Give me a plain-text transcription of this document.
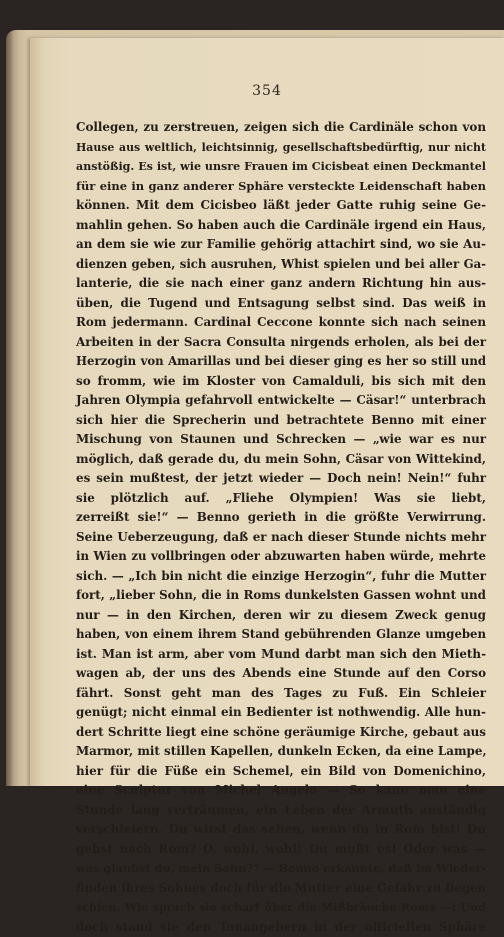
354
Collegen, zu zerstreuen, zeigen sich die Cardinäle schon von
Hause aus weltlich, leichtsinnig, gesellschaftsbedürftig, nur nicht
anstößig. Es ist, wie unsre Frauen im Cicisbeat einen Deckmantel
für eine in ganz anderer Sphäre versteckte Leidenschaft haben
können. Mit dem Cicisbeo läßt jeder Gatte ruhig seine Ge-
mahlin gehen. So haben auch die Cardinäle irgend ein Haus,
an dem sie wie zur Familie gehörig attachirt sind, wo sie Au-
dienzen geben, sich ausruhen, Whist spielen und bei aller Ga-
lanterie, die sie nach einer ganz andern Richtung hin aus-
üben, die Tugend und Entsagung selbst sind. Das weiß in
Rom jedermann. Cardinal Ceccone konnte sich nach seinen
Arbeiten in der Sacra Consulta nirgends erholen, als bei der
Herzogin von Amarillas und bei dieser ging es her so still und
so fromm, wie im Kloster von Camalduli, bis sich mit den
Jahren Olympia gefahrvoll entwickelte — Cäsar!“ unterbrach
sich hier die Sprecherin und betrachtete Benno mit einer
Mischung von Staunen und Schrecken — „wie war es nur
möglich, daß gerade du, du mein Sohn, Cäsar von Wittekind,
es sein mußtest, der jetzt wieder — Doch nein! Nein!“ fuhr
sie plötzlich auf. „Fliehe Olympien! Was sie liebt,
zerreißt sie!“ — Benno gerieth in die größte Verwirrung.
Seine Ueberzeugung, daß er nach dieser Stunde nichts mehr
in Wien zu vollbringen oder abzuwarten haben würde, mehrte
sich. — „Ich bin nicht die einzige Herzogin“, fuhr die Mutter
fort, „lieber Sohn, die in Roms dunkelsten Gassen wohnt und
nur — in den Kirchen, deren wir zu diesem Zweck genug
haben, von einem ihrem Stand gebührenden Glanze umgeben
ist. Man ist arm, aber vom Mund darbt man sich den Mieth-
wagen ab, der uns des Abends eine Stunde auf den Corso
fährt. Sonst geht man des Tages zu Fuß. Ein Schleier
genügt; nicht einmal ein Bedienter ist nothwendig. Alle hun-
dert Schritte liegt eine schöne geräumige Kirche, gebaut aus
Marmor, mit stillen Kapellen, dunkeln Ecken, da eine Lampe,
hier für die Füße ein Schemel, ein Bild von Domenichino,
eine Sculptur von Michel Angelo — So kann man eine
Stunde lang verträumen, ein Leben der Armuth anständig
verschleiern. Du wirst das sehen, wenn du in Rom bist! Du
gehst nach Rom? O, wohl, wohl! Du mußt es! Oder was —
was glaubst du, mein Sohn?“ — Benno erkannte, daß im Wieder-
finden ihres Sohnes doch für die Mutter eine Gefahr zu liegen
schien. Wie sprach sie scharf über die Mißbräuche Roms —! Und
doch stand sie den Tonangebern in der officiellen Sphäre
